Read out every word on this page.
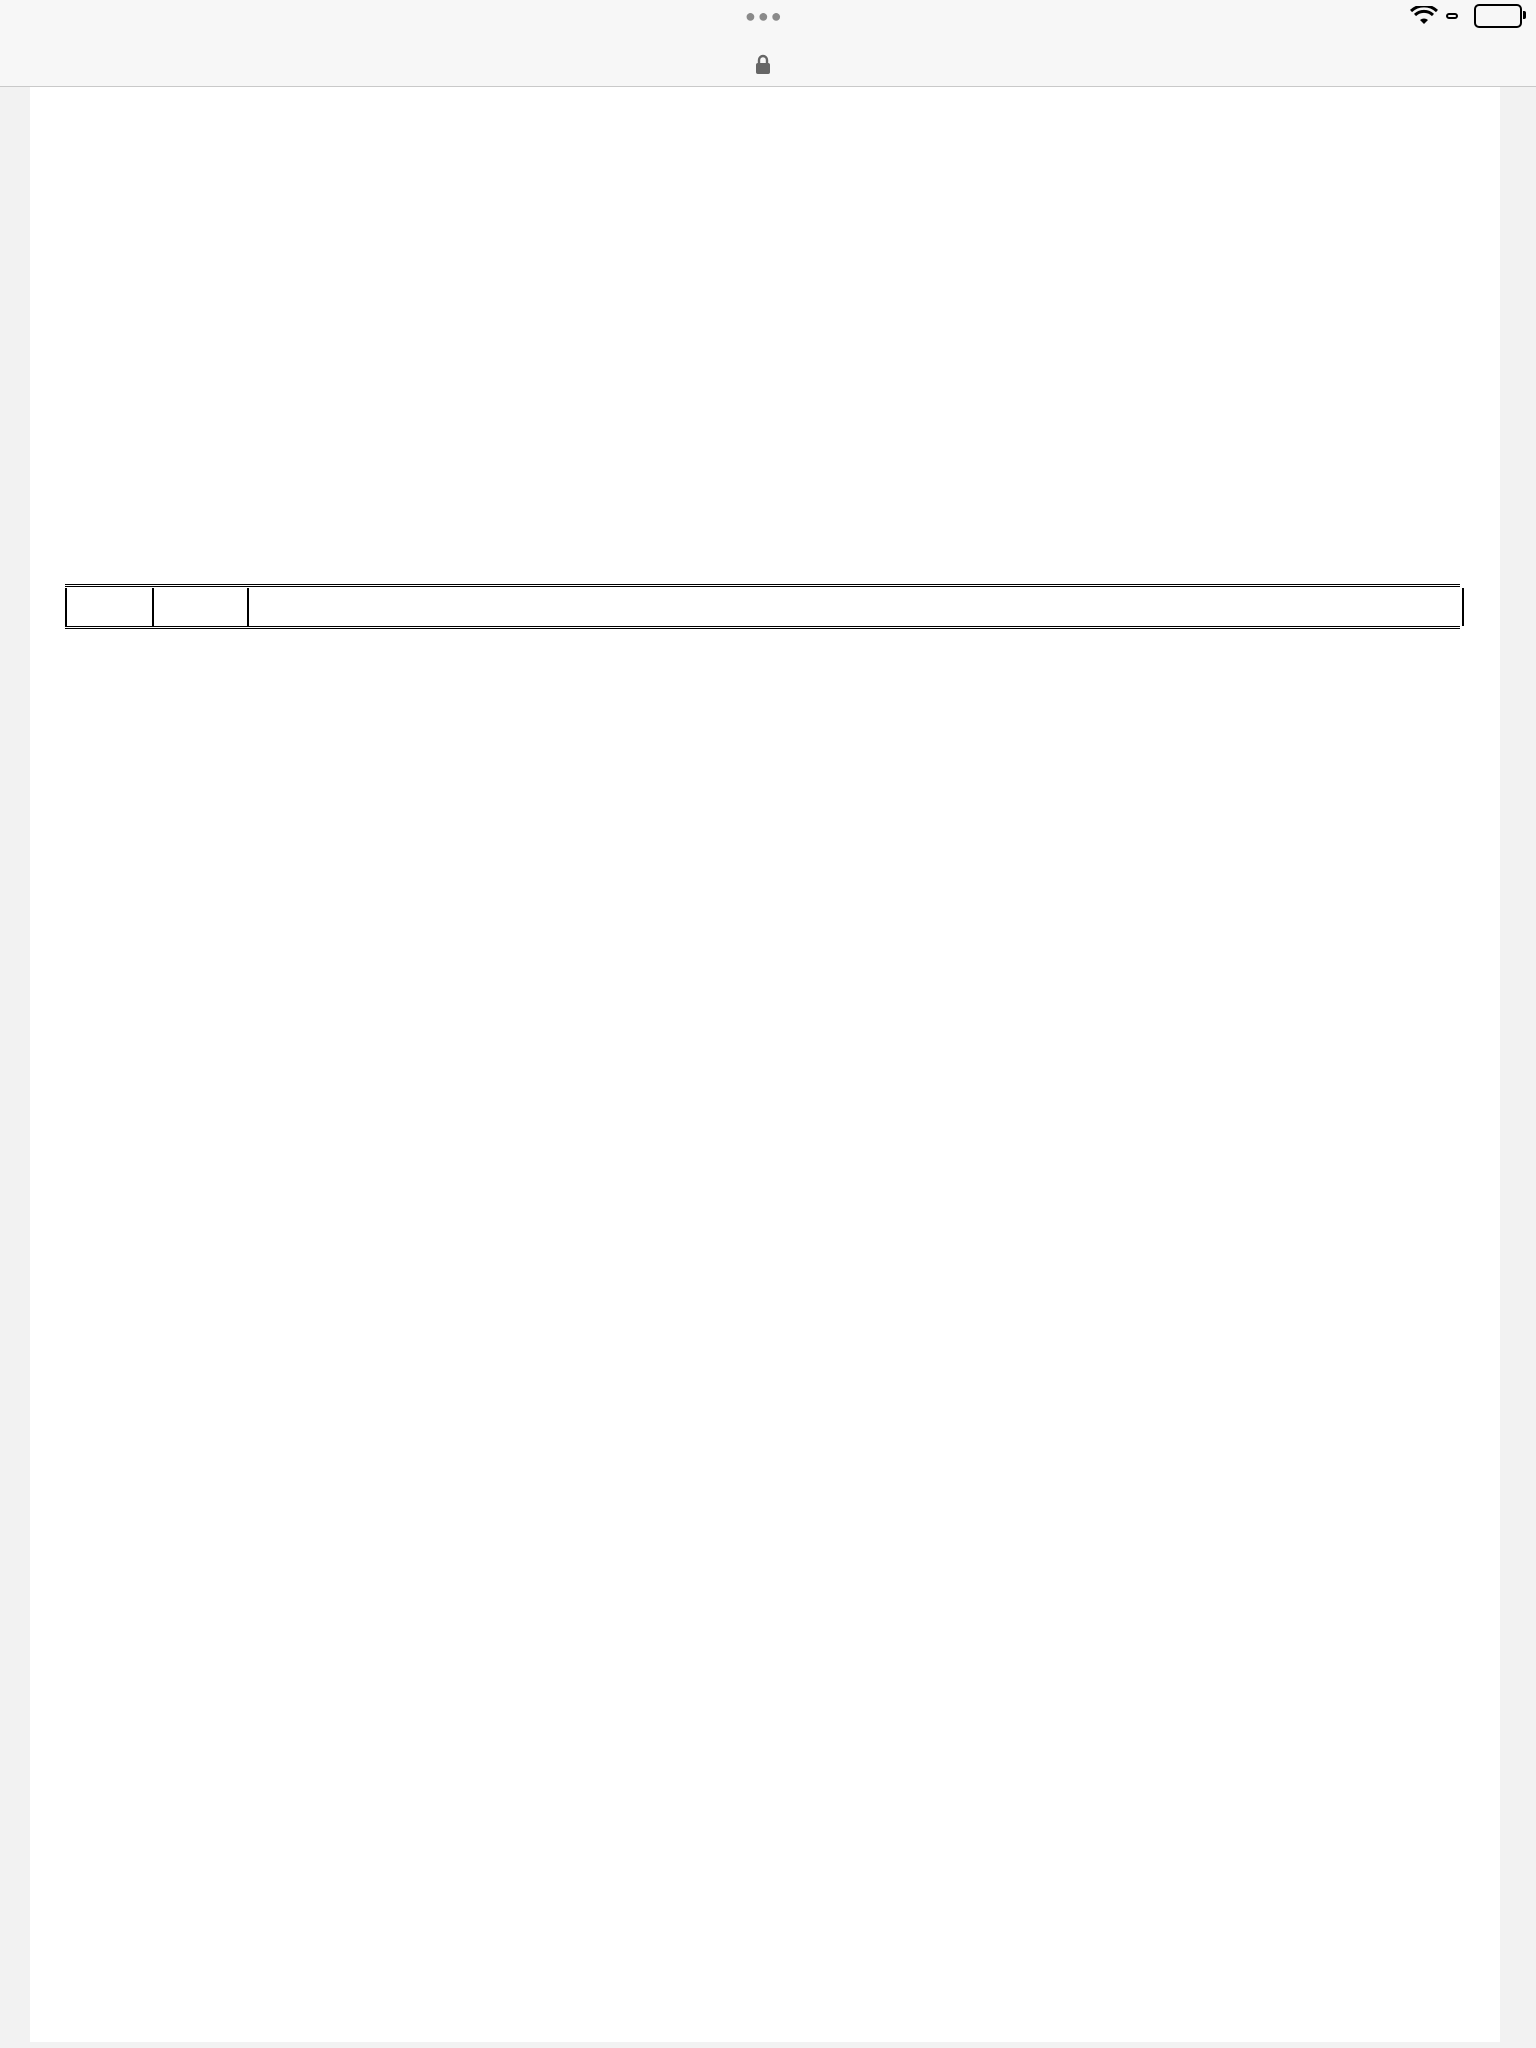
●●●
